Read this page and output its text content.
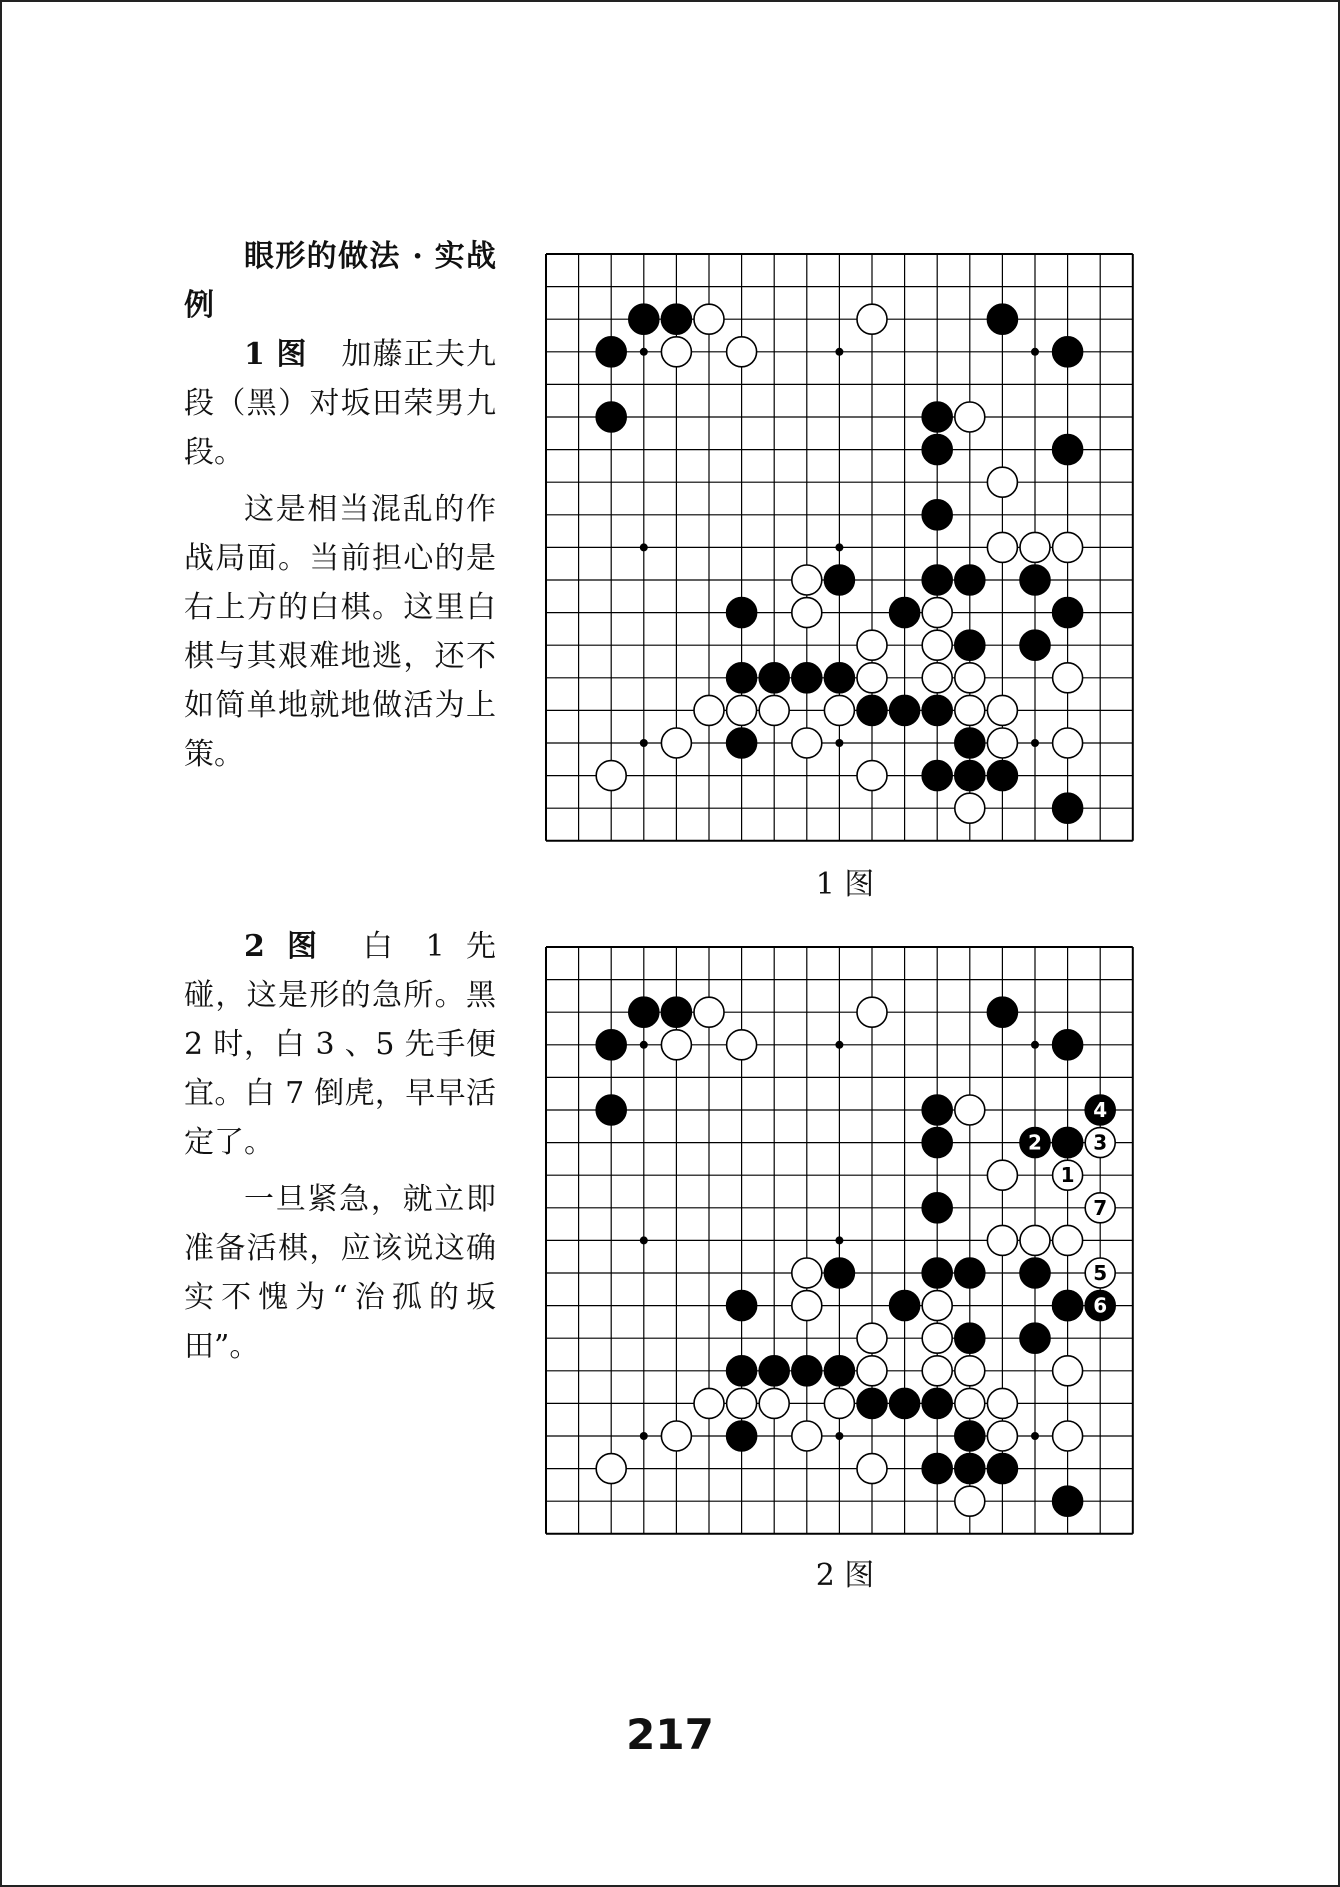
眼形的做法 · 实战例

1 图 加藤正夫九段（黑）对坂田荣男九段。

这是相当混乱的作战局面。当前担心的是右上方的白棋。这里白棋与其艰难地逃，还不如简单地就地做活为上策。

1 图

2 图 白 1 先碰，这是形的急所。黑 2 时，白 3 、5 先手便宜。白 7 倒虎，早早活定了。

一旦紧急，就立即准备活棋，应该说这确实不愧为“治孤的坂田”。

1
3
5
7
2
4
6
2 图
217
